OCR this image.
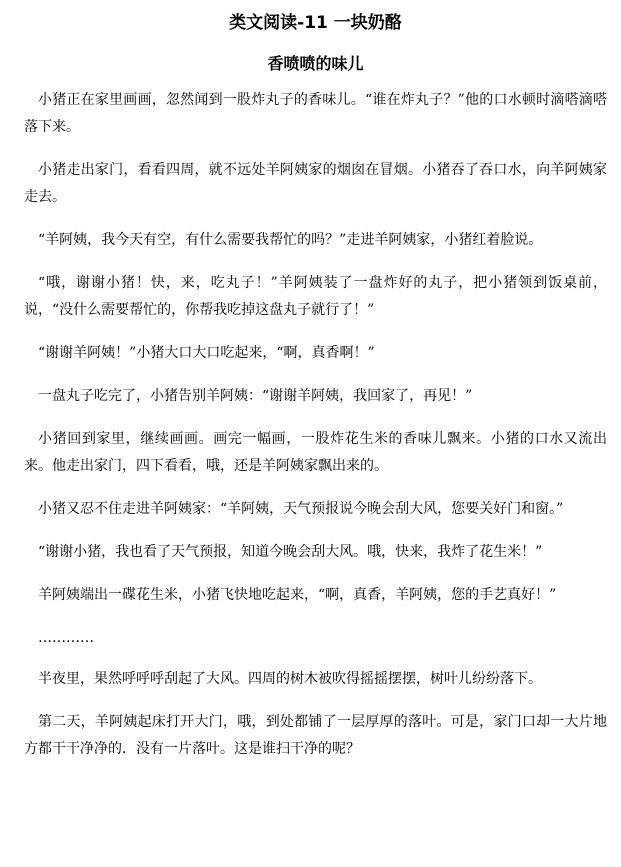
类文阅读-11 一块奶酪
香喷喷的味儿

小猪正在家里画画，忽然闻到一股炸丸子的香味儿。“谁在炸丸子？”他的口水顿时滴嗒滴嗒落下来。

小猪走出家门，看看四周，就不远处羊阿姨家的烟囱在冒烟。小猪吞了吞口水，向羊阿姨家走去。

“羊阿姨，我今天有空，有什么需要我帮忙的吗？”走进羊阿姨家，小猪红着脸说。

“哦，谢谢小猪！快，来，吃丸子！”羊阿姨装了一盘炸好的丸子，把小猪领到饭桌前，说，“没什么需要帮忙的，你帮我吃掉这盘丸子就行了！”

“谢谢羊阿姨！”小猪大口大口吃起来，“啊，真香啊！”

一盘丸子吃完了，小猪告别羊阿姨：“谢谢羊阿姨，我回家了，再见！”

小猪回到家里，继续画画。画完一幅画，一股炸花生米的香味儿飘来。小猪的口水又流出来。他走出家门，四下看看，哦，还是羊阿姨家飘出来的。

小猪又忍不住走进羊阿姨家：“羊阿姨，天气预报说今晚会刮大风，您要关好门和窗。”

“谢谢小猪，我也看了天气预报，知道今晚会刮大风。哦，快来，我炸了花生米！”

羊阿姨端出一碟花生米，小猪飞快地吃起来，“啊，真香，羊阿姨，您的手艺真好！”

…………

半夜里，果然呼呼呼刮起了大风。四周的树木被吹得摇摇摆摆，树叶儿纷纷落下。

第二天，羊阿姨起床打开大门，哦，到处都铺了一层厚厚的落叶。可是，家门口却一大片地方都干干净净的．没有一片落叶。这是谁扫干净的呢？
